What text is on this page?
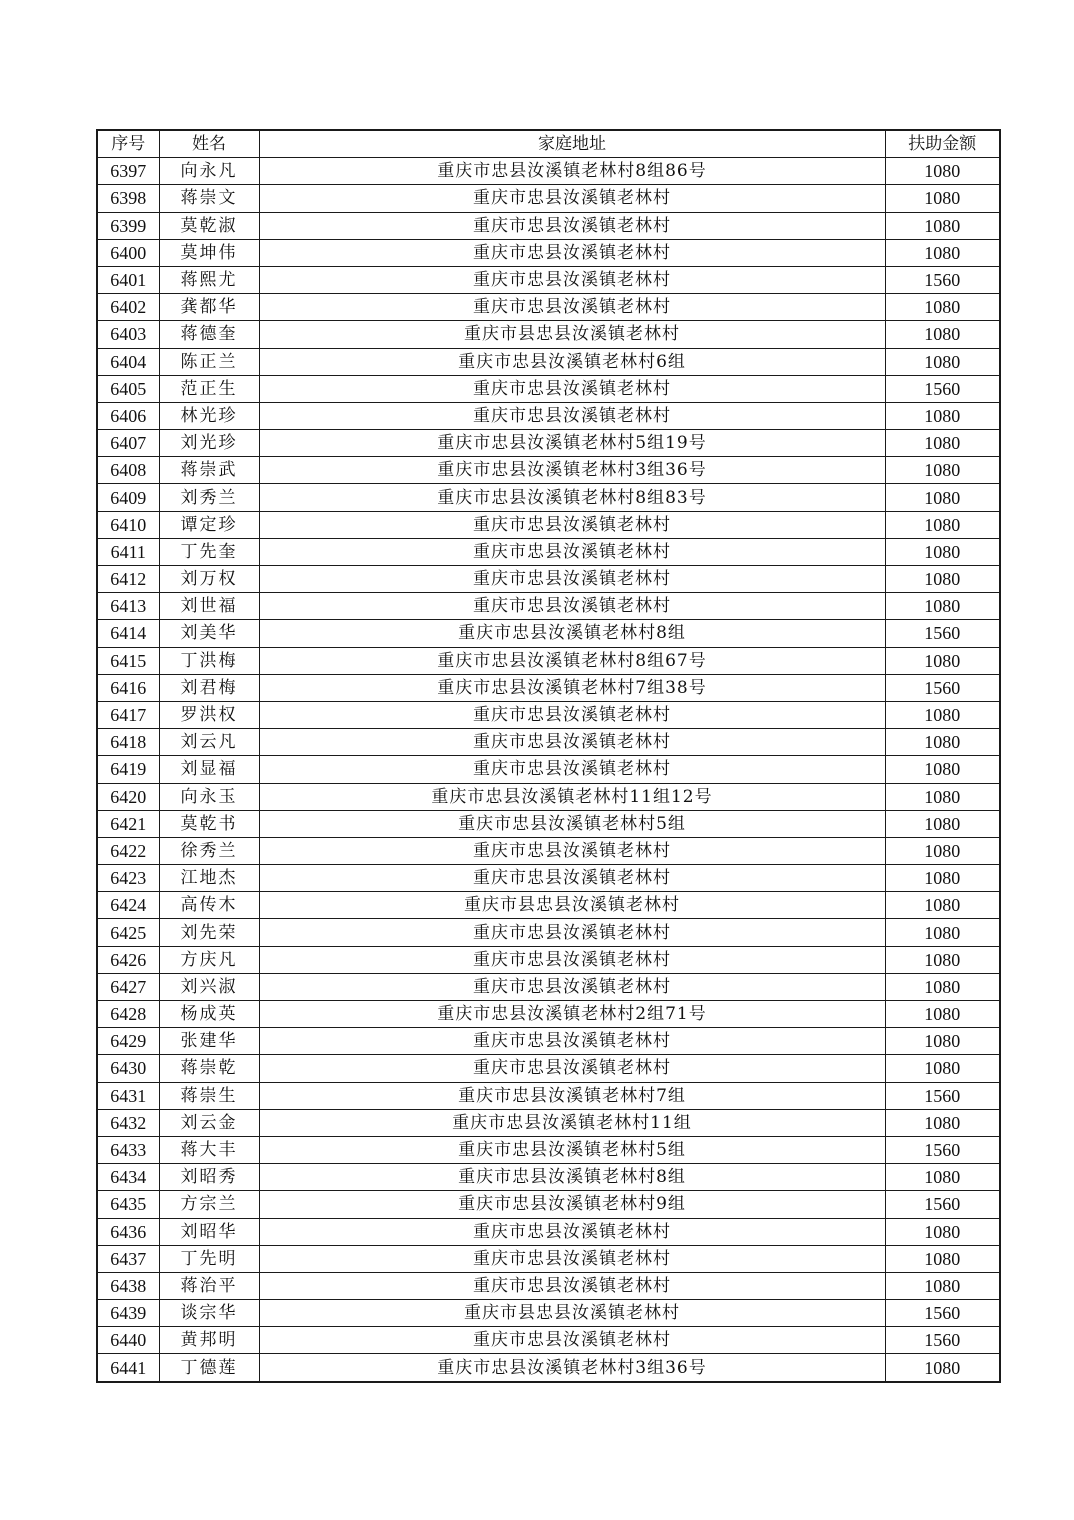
序号	姓名	家庭地址	扶助金额
6397	向永凡	重庆市忠县汝溪镇老林村8组86号	1080
6398	蒋崇文	重庆市忠县汝溪镇老林村	1080
6399	莫乾淑	重庆市忠县汝溪镇老林村	1080
6400	莫坤伟	重庆市忠县汝溪镇老林村	1080
6401	蒋熙尤	重庆市忠县汝溪镇老林村	1560
6402	龚都华	重庆市忠县汝溪镇老林村	1080
6403	蒋德奎	重庆市县忠县汝溪镇老林村	1080
6404	陈正兰	重庆市忠县汝溪镇老林村6组	1080
6405	范正生	重庆市忠县汝溪镇老林村	1560
6406	林光珍	重庆市忠县汝溪镇老林村	1080
6407	刘光珍	重庆市忠县汝溪镇老林村5组19号	1080
6408	蒋崇武	重庆市忠县汝溪镇老林村3组36号	1080
6409	刘秀兰	重庆市忠县汝溪镇老林村8组83号	1080
6410	谭定珍	重庆市忠县汝溪镇老林村	1080
6411	丁先奎	重庆市忠县汝溪镇老林村	1080
6412	刘万权	重庆市忠县汝溪镇老林村	1080
6413	刘世福	重庆市忠县汝溪镇老林村	1080
6414	刘美华	重庆市忠县汝溪镇老林村8组	1560
6415	丁洪梅	重庆市忠县汝溪镇老林村8组67号	1080
6416	刘君梅	重庆市忠县汝溪镇老林村7组38号	1560
6417	罗洪权	重庆市忠县汝溪镇老林村	1080
6418	刘云凡	重庆市忠县汝溪镇老林村	1080
6419	刘显福	重庆市忠县汝溪镇老林村	1080
6420	向永玉	重庆市忠县汝溪镇老林村11组12号	1080
6421	莫乾书	重庆市忠县汝溪镇老林村5组	1080
6422	徐秀兰	重庆市忠县汝溪镇老林村	1080
6423	江地杰	重庆市忠县汝溪镇老林村	1080
6424	高传木	重庆市县忠县汝溪镇老林村	1080
6425	刘先荣	重庆市忠县汝溪镇老林村	1080
6426	方庆凡	重庆市忠县汝溪镇老林村	1080
6427	刘兴淑	重庆市忠县汝溪镇老林村	1080
6428	杨成英	重庆市忠县汝溪镇老林村2组71号	1080
6429	张建华	重庆市忠县汝溪镇老林村	1080
6430	蒋崇乾	重庆市忠县汝溪镇老林村	1080
6431	蒋崇生	重庆市忠县汝溪镇老林村7组	1560
6432	刘云金	重庆市忠县汝溪镇老林村11组	1080
6433	蒋大丰	重庆市忠县汝溪镇老林村5组	1560
6434	刘昭秀	重庆市忠县汝溪镇老林村8组	1080
6435	方宗兰	重庆市忠县汝溪镇老林村9组	1560
6436	刘昭华	重庆市忠县汝溪镇老林村	1080
6437	丁先明	重庆市忠县汝溪镇老林村	1080
6438	蒋治平	重庆市忠县汝溪镇老林村	1080
6439	谈宗华	重庆市县忠县汝溪镇老林村	1560
6440	黄邦明	重庆市忠县汝溪镇老林村	1560
6441	丁德莲	重庆市忠县汝溪镇老林村3组36号	1080
